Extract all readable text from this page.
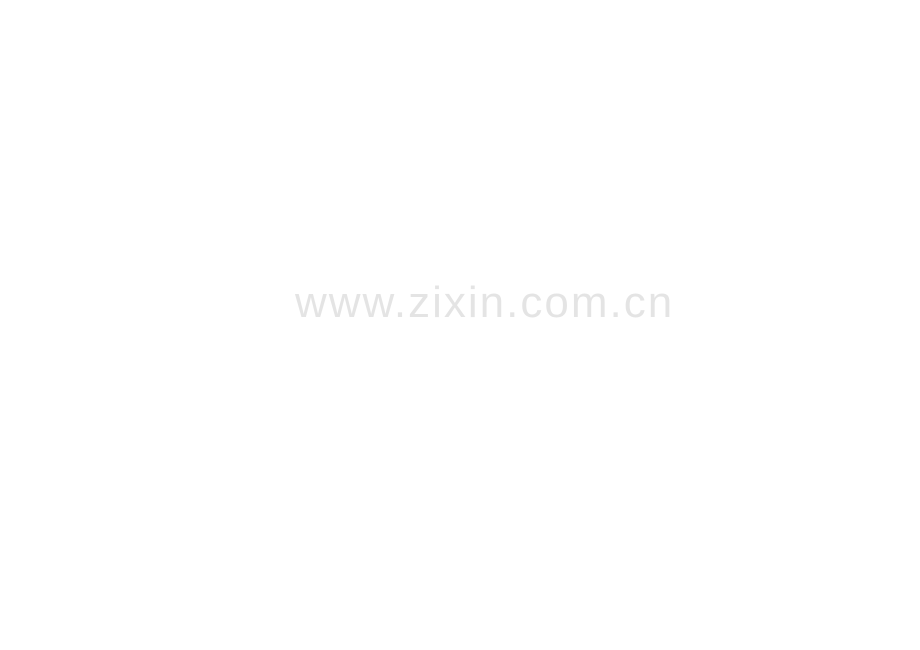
www.zixin.com.cn
